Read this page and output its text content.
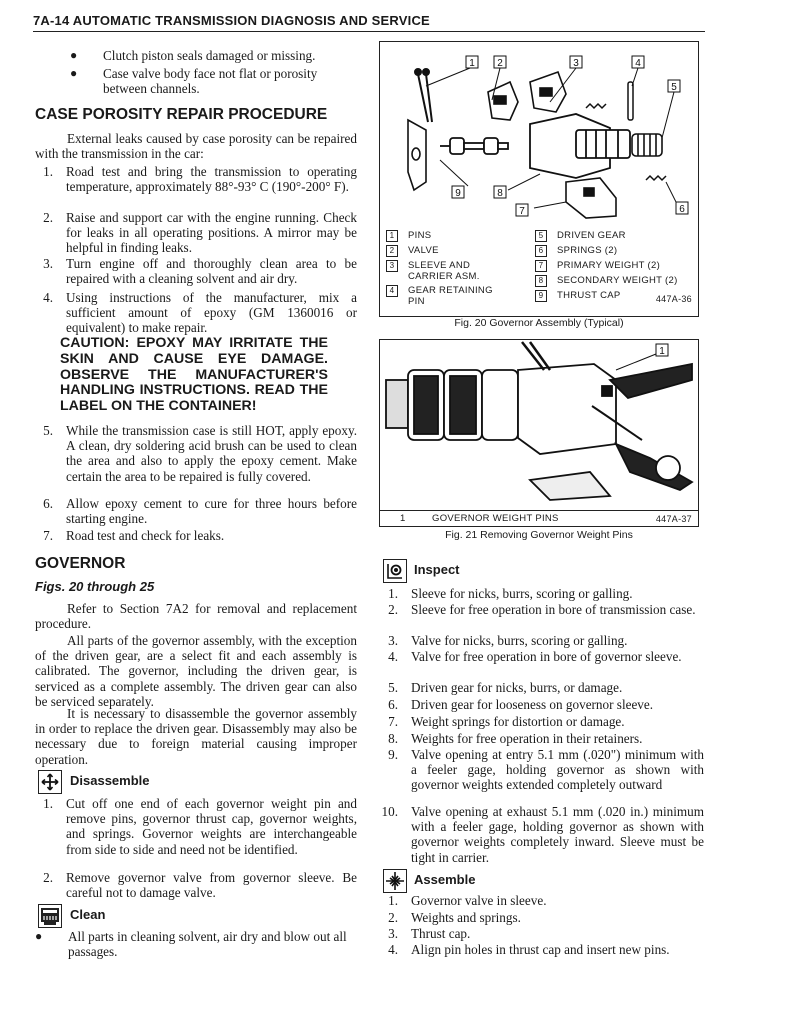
7A-14 AUTOMATIC TRANSMISSION DIAGNOSIS AND SERVICE
● Clutch piston seals damaged or missing.
● Case valve body face not flat or porosity between channels.
CASE POROSITY REPAIR PROCEDURE
External leaks caused by case porosity can be repaired with the transmission in the car:
1. Road test and bring the transmission to operating temperature, approximately 88°-93° C (190°-200° F).
2. Raise and support car with the engine running. Check for leaks in all operating positions. A mirror may be helpful in finding leaks.
3. Turn engine off and thoroughly clean area to be repaired with a cleaning solvent and air dry.
4. Using instructions of the manufacturer, mix a sufficient amount of epoxy (GM 1360016 or equivalent) to make repair.
CAUTION: EPOXY MAY IRRITATE THE SKIN AND CAUSE EYE DAMAGE. OBSERVE THE MANUFACTURER'S HANDLING INSTRUCTIONS. READ THE LABEL ON THE CONTAINER!
5. While the transmission case is still HOT, apply epoxy. A clean, dry soldering acid brush can be used to clean the area and also to apply the epoxy cement. Make certain the area to be repaired is fully covered.
6. Allow epoxy cement to cure for three hours before starting engine.
7. Road test and check for leaks.
GOVERNOR
Figs. 20 through 25
Refer to Section 7A2 for removal and replacement procedure.
All parts of the governor assembly, with the exception of the driven gear, are a select fit and each assembly is calibrated. The governor, including the driven gear, is serviced as a complete assembly. The driven gear can also be serviced separately.
It is necessary to disassemble the governor assembly in order to replace the driven gear. Disassembly may also be necessary due to foreign material causing improper operation.
Disassemble
1. Cut off one end of each governor weight pin and remove pins, governor thrust cap, governor weights, and springs. Governor weights are interchangeable from side to side and need not be identified.
2. Remove governor valve from governor sleeve. Be careful not to damage valve.
Clean
● All parts in cleaning solvent, air dry and blow out all passages.
1 2	3	4
5
6
7
8
9
1	PINS
2	VALVE
3	SLEEVE AND CARRIER ASM.
4	GEAR RETAINING PIN
5	DRIVEN GEAR
6	SPRINGS (2)
7	PRIMARY WEIGHT (2)
8	SECONDARY WEIGHT (2)
9	THRUST CAP	447A-36
Fig. 20 Governor Assembly (Typical)
1
1	GOVERNOR WEIGHT PINS	447A-37
Fig. 21 Removing Governor Weight Pins
Inspect
1. Sleeve for nicks, burrs, scoring or galling.
2. Sleeve for free operation in bore of transmission case.
3. Valve for nicks, burrs, scoring or galling.
4. Valve for free operation in bore of governor sleeve.
5. Driven gear for nicks, burrs, or damage.
6. Driven gear for looseness on governor sleeve.
7. Weight springs for distortion or damage.
8. Weights for free operation in their retainers.
9. Valve opening at entry 5.1 mm (.020") minimum with a feeler gage, holding governor as shown with governor weights extended completely outward
10. Valve opening at exhaust 5.1 mm (.020 in.) minimum with a feeler gage, holding governor as shown with governor weights completely inward. Sleeve must be tight in carrier.
Assemble
1. Governor valve in sleeve.
2. Weights and springs.
3. Thrust cap.
4. Align pin holes in thrust cap and insert new pins.
